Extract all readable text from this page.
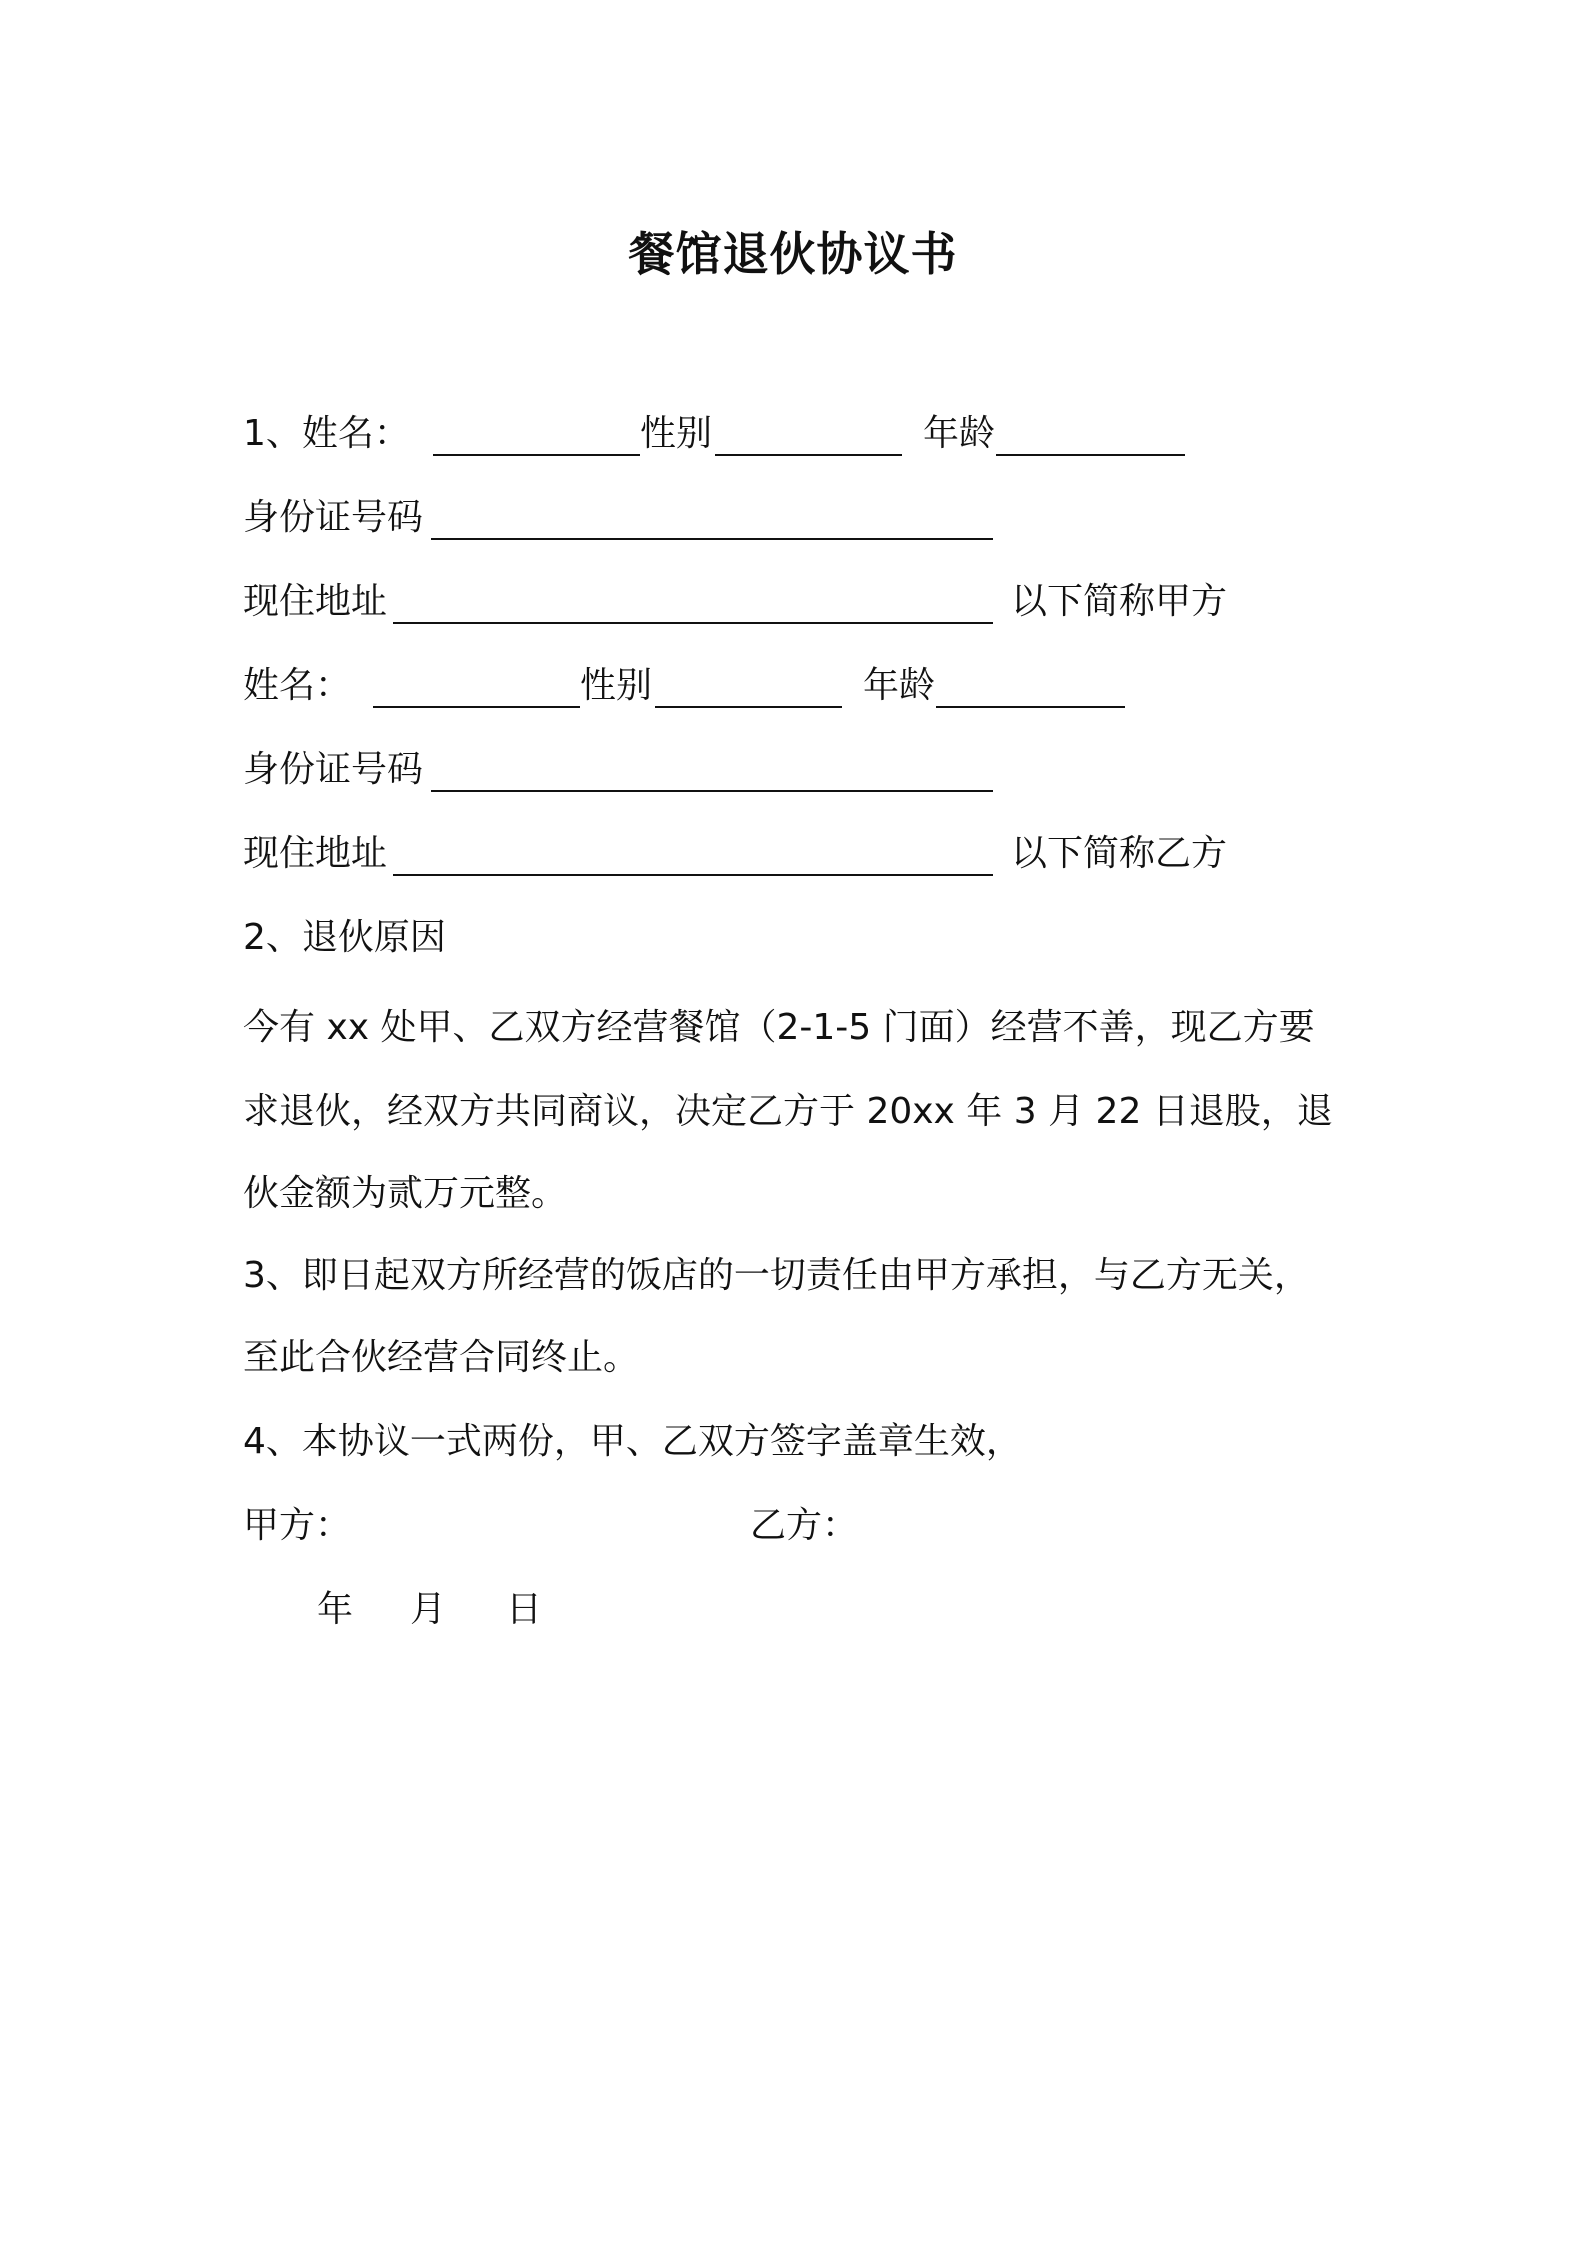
餐馆退伙协议书
1、姓名：	性别	年龄
身份证号码
现住地址	以下简称甲方
姓名：	性别	年龄
身份证号码
现住地址	以下简称乙方
2、退伙原因
今有 xx 处甲、乙双方经营餐馆（2-1-5 门面）经营不善，现乙方要
求退伙，经双方共同商议，决定乙方于 20xx 年 3 月 22 日退股，退
伙金额为贰万元整。
3、即日起双方所经营的饭店的一切责任由甲方承担，与乙方无关，
至此合伙经营合同终止。
4、本协议一式两份，甲、乙双方签字盖章生效，
甲方：	乙方：
年 月 日
